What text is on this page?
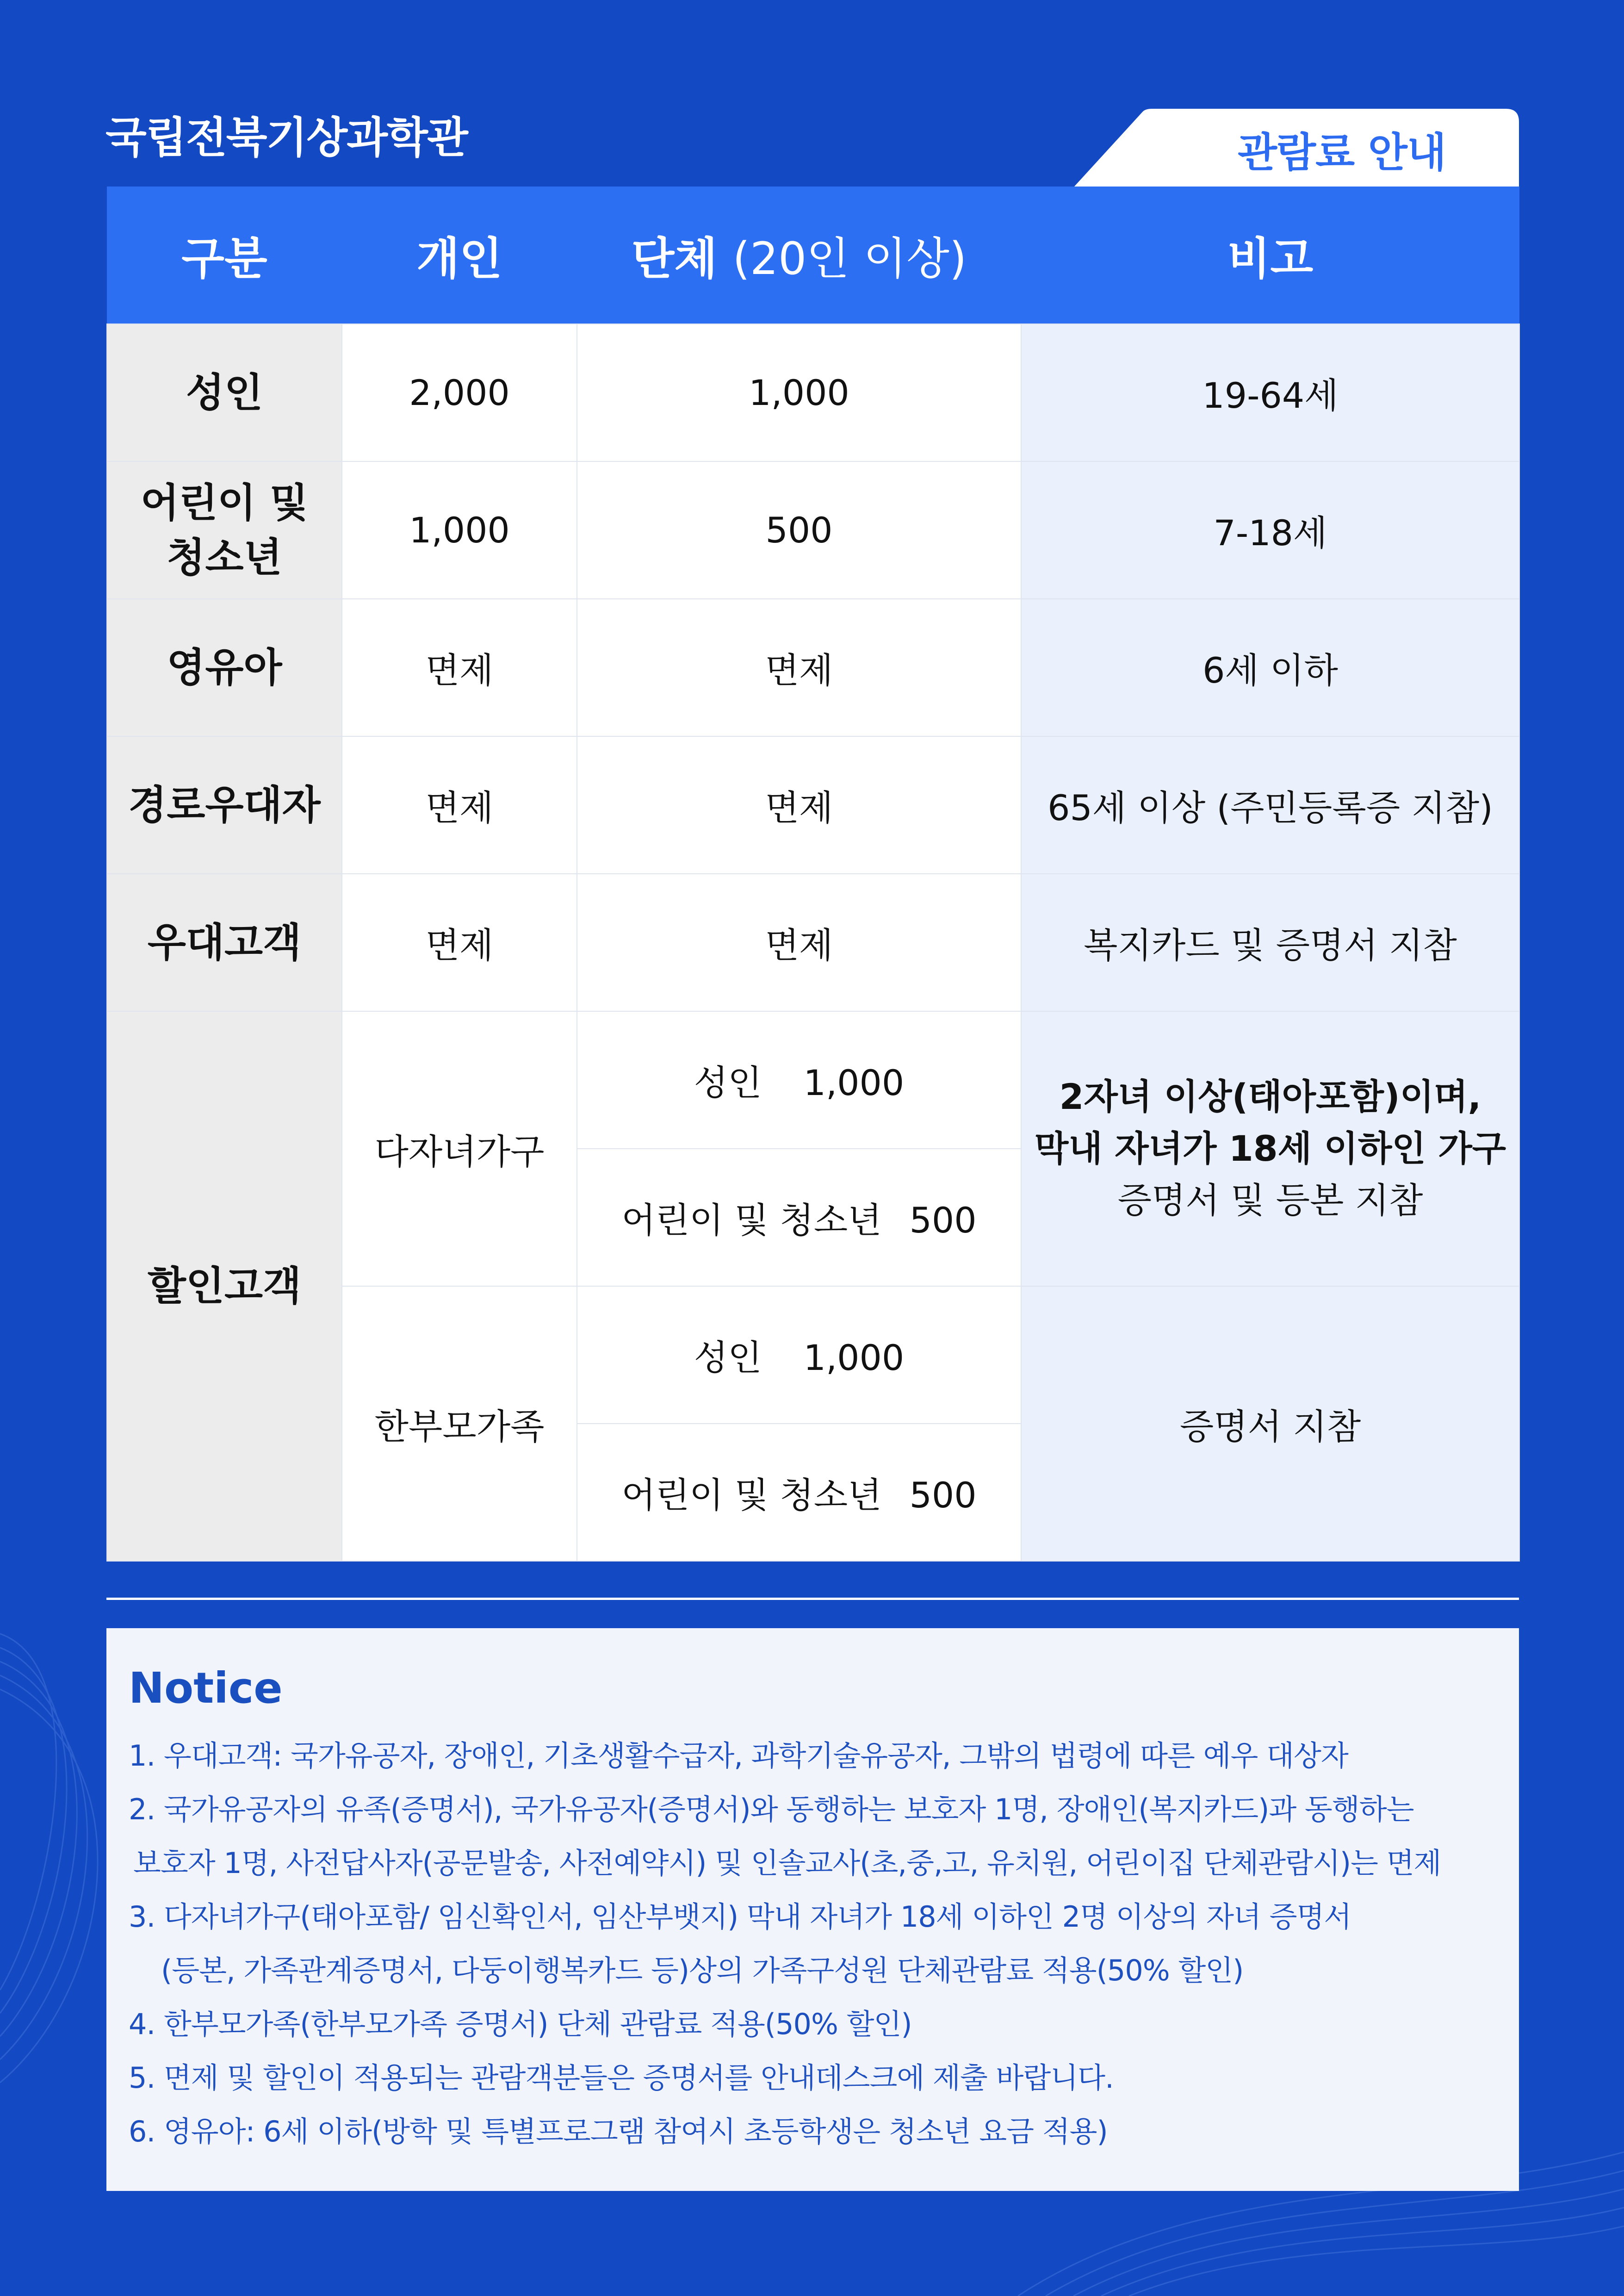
국립전북기상과학관	관람료 안내
구분	개인	단체 (20인 이상)	비고
성인	2,000	1,000	19-64세

어린이 및
청소년	1,000	500	7-18세
영유아	면제	면제	6세 이하
경로우대자	면제	면제	65세 이상 (주민등록증 지참)
우대고객	면제	면제	복지카드 및 증명서 지참
할인고객	다자녀가구	성인 1,000	2자녀 이상(태아포함)이며,
막내 자녀가 18세 이하인 가구
증명서 및 등본 지참

		어린이 및 청소년 500	
	한부모가족	성인 1,000	증명서 지참
		어린이 및 청소년 500	
Notice
1. 우대고객: 국가유공자, 장애인, 기초생활수급자, 과학기술유공자, 그밖의 법령에 따른 예우 대상자
2. 국가유공자의 유족(증명서), 국가유공자(증명서)와 동행하는 보호자 1명, 장애인(복지카드)과 동행하는
보호자 1명, 사전답사자(공문발송, 사전예약시) 및 인솔교사(초,중,고, 유치원, 어린이집 단체관람시)는 면제
3. 다자녀가구(태아포함/ 임신확인서, 임산부뱃지) 막내 자녀가 18세 이하인 2명 이상의 자녀 증명서
(등본, 가족관계증명서, 다둥이행복카드 등)상의 가족구성원 단체관람료 적용(50% 할인)
4. 한부모가족(한부모가족 증명서) 단체 관람료 적용(50% 할인)
5. 면제 및 할인이 적용되는 관람객분들은 증명서를 안내데스크에 제출 바랍니다.
6. 영유아: 6세 이하(방학 및 특별프로그램 참여시 초등학생은 청소년 요금 적용)
